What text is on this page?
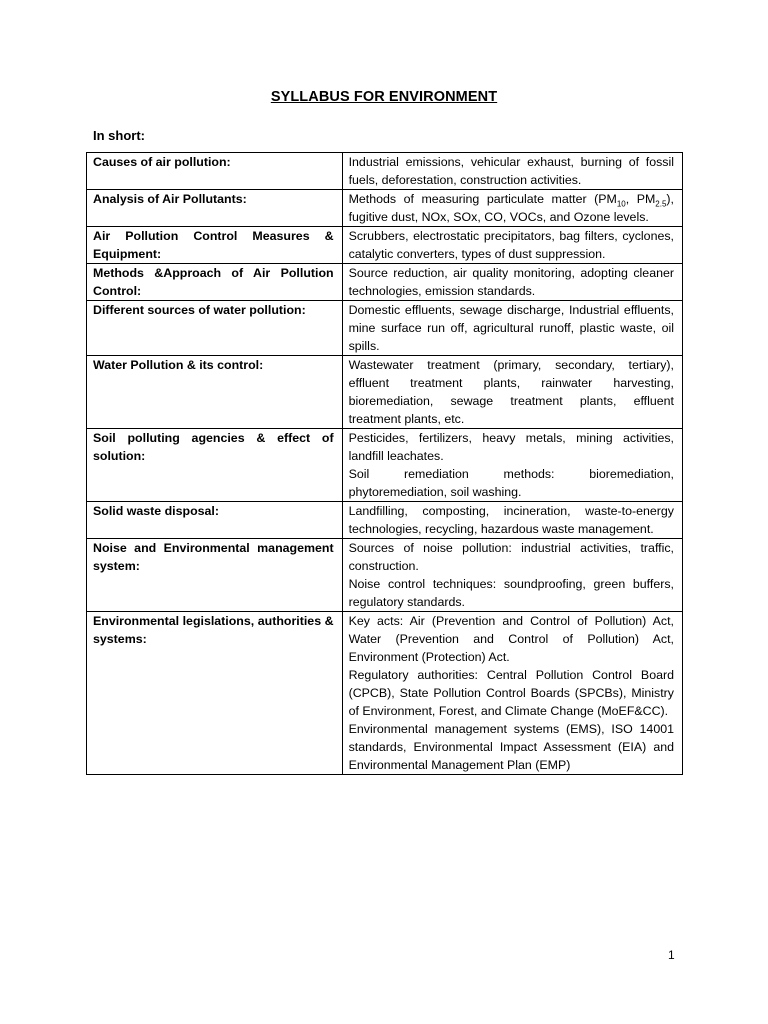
SYLLABUS FOR ENVIRONMENT
In short:
Causes of air pollution:	Industrial emissions, vehicular exhaust, burning of fossil fuels, deforestation, construction activities.

Analysis of Air Pollutants:	Methods of measuring particulate matter ($PM_{10}$, $PM_{2.5}$), fugitive dust, NOx, SOx, CO, VOCs, and Ozone levels.

Air Pollution Control Measures & Equipment:	Scrubbers, electrostatic precipitators, bag filters, cyclones, catalytic converters, types of dust suppression.

Methods &Approach of Air Pollution Control:	Source reduction, air quality monitoring, adopting cleaner technologies, emission standards.

Different sources of water pollution:	Domestic effluents, sewage discharge, Industrial effluents, mine surface run off, agricultural runoff, plastic waste, oil spills.

Water Pollution & its control:	Wastewater treatment (primary, secondary, tertiary), effluent treatment plants, rainwater harvesting, bioremediation, sewage treatment plants, effluent treatment plants, etc.

Soil polluting agencies & effect of solution:	Pesticides, fertilizers, heavy metals, mining activities, landfill leachates.

Soil remediation methods: bioremediation, phytoremediation, soil washing.

Solid waste disposal:	Landfilling, composting, incineration, waste-to-energy technologies, recycling, hazardous waste management.

Noise and Environmental management system:	Sources of noise pollution: industrial activities, traffic, construction.

Noise control techniques: soundproofing, green buffers, regulatory standards.

Environmental legislations, authorities & systems:	Key acts: Air (Prevention and Control of Pollution) Act, Water (Prevention and Control of Pollution) Act, Environment (Protection) Act.

Regulatory authorities: Central Pollution Control Board (CPCB), State Pollution Control Boards (SPCBs), Ministry of Environment, Forest, and Climate Change (MoEF&CC).

Environmental management systems (EMS), ISO 14001 standards, Environmental Impact Assessment (EIA) and Environmental Management Plan (EMP)

1
